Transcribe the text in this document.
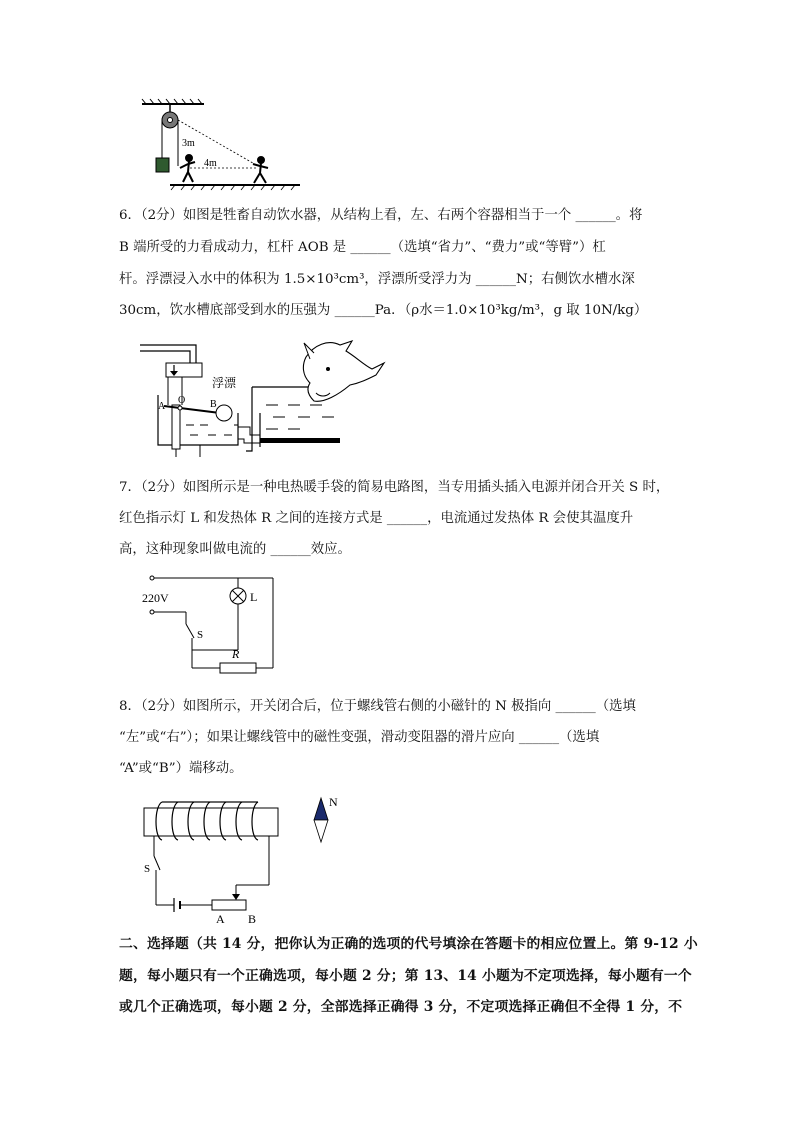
3m
4m
6．（2分）如图是牲畜自动饮水器，从结构上看，左、右两个容器相当于一个 ______。将
B 端所受的力看成动力，杠杆 AOB 是 ______（选填“省力”、“费力”或“等臂”）杠
杆。浮漂浸入水中的体积为 1.5×10³cm³，浮漂所受浮力为 ______N；右侧饮水槽水深
30cm，饮水槽底部受到水的压强为 ______Pa．（ρ水＝1.0×10³kg/m³，g 取 10N/kg）
浮漂
A
O B
7．（2分）如图所示是一种电热暖手袋的简易电路图，当专用插头插入电源并闭合开关 S 时，
红色指示灯 L 和发热体 R 之间的连接方式是 ______，电流通过发热体 R 会使其温度升
高，这种现象叫做电流的 ______效应。
220V
S
R
L
8．（2分）如图所示，开关闭合后，位于螺线管右侧的小磁针的 N 极指向 ______（选填
“左”或“右”）；如果让螺线管中的磁性变强，滑动变阻器的滑片应向 ______（选填
“A”或“B”）端移动。
S
A B
N
二、选择题（共 14 分，把你认为正确的选项的代号填涂在答题卡的相应位置上。第 9-12 小
题，每小题只有一个正确选项，每小题 2 分；第 13、14 小题为不定项选择，每小题有一个
或几个正确选项，每小题 2 分，全部选择正确得 3 分，不定项选择正确但不全得 1 分，不
